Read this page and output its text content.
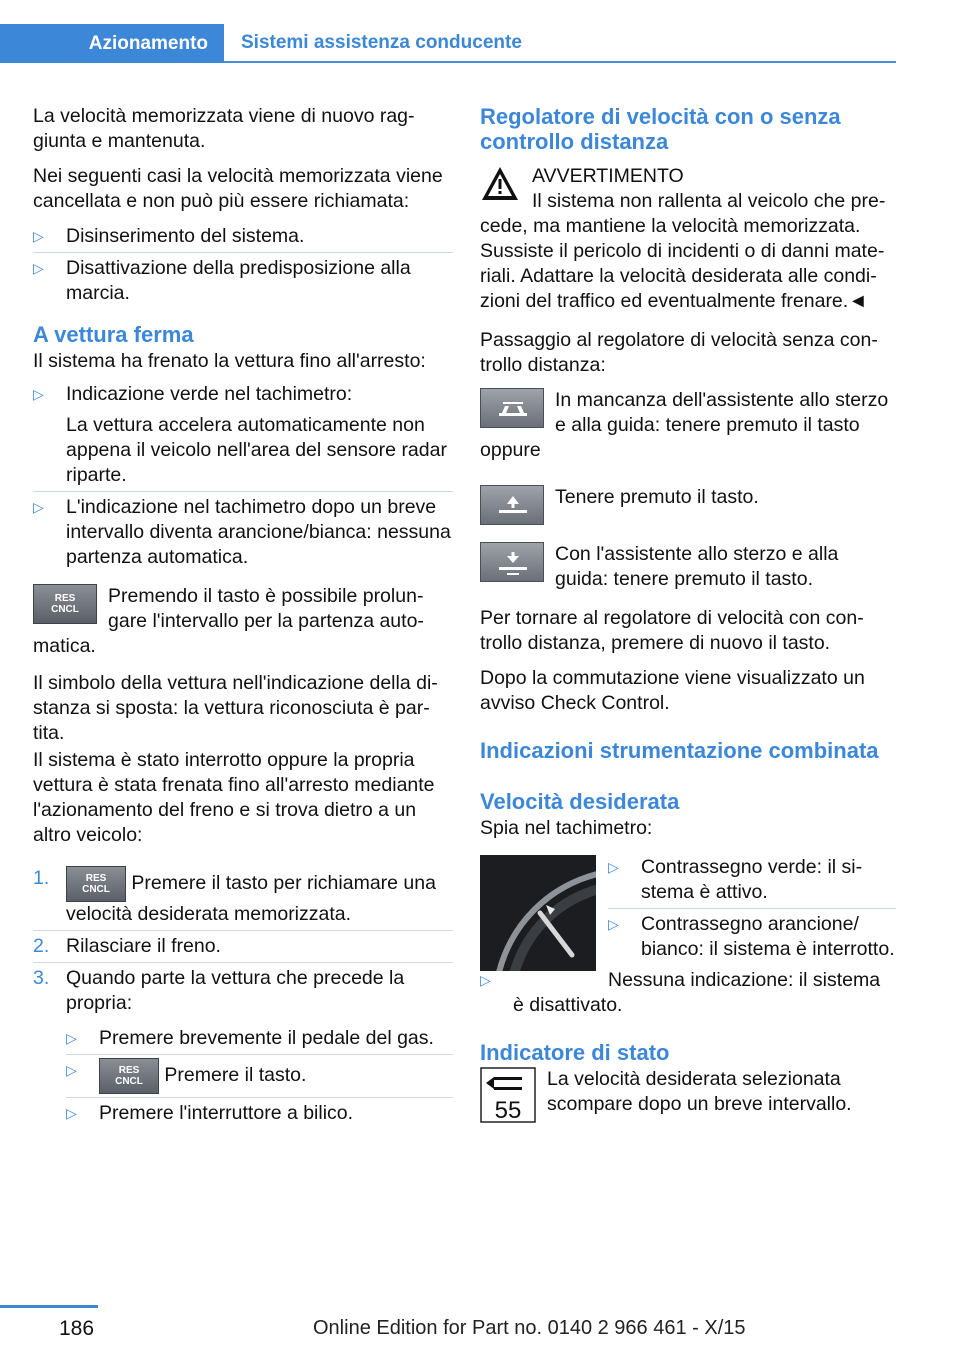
Azionamento	Sistemi assistenza conducente

La velocità memorizzata viene di nuovo raggiunta e mantenuta.

Nei seguenti casi la velocità memorizzata viene cancellata e non può più essere richiamata:

▷ Disinserimento del sistema.
▷ Disattivazione della predisposizione alla marcia.
A vettura ferma

Il sistema ha frenato la vettura fino all'arresto:

▷ Indicazione verde nel tachimetro:
La vettura accelera automaticamente non appena il veicolo nell'area del sensore radar riparte.
▷ L'indicazione nel tachimetro dopo un breve intervallo diventa arancione/bianca: nessuna partenza automatica.
RES
CNCL
Premendo il tasto è possibile prolungare l'intervallo per la partenza automatica.

Il simbolo della vettura nell'indicazione della distanza si sposta: la vettura riconosciuta è partita.

Il sistema è stato interrotto oppure la propria vettura è stata frenata fino all'arresto mediante l'azionamento del freno e si trova dietro a un altro veicolo:

1.	RES
CNCL Premere il tasto per richiamare una velocità desiderata memorizzata.
2. Rilasciare il freno.
3. Quando parte la vettura che precede la propria:
▷ Premere brevemente il pedale del gas.
▷ RES
CNCL Premere il tasto.
▷ Premere l'interruttore a bilico.
Regolatore di velocità con o senza controllo distanza
AVVERTIMENTO
Il sistema non rallenta al veicolo che precede, ma mantiene la velocità memorizzata. Sussiste il pericolo di incidenti o di danni materiali. Adattare la velocità desiderata alle condizioni del traffico ed eventualmente frenare.◄

Passaggio al regolatore di velocità senza controllo distanza:

In mancanza dell'assistente allo sterzo e alla guida: tenere premuto il tasto
oppure
Tenere premuto il tasto.
Con l'assistente allo sterzo e alla guida: tenere premuto il tasto.

Per tornare al regolatore di velocità con controllo distanza, premere di nuovo il tasto.

Dopo la commutazione viene visualizzato un avviso Check Control.

Indicazioni strumentazione combinata
Velocità desiderata

Spia nel tachimetro:

▷ Contrassegno verde: il sistema è attivo.
▷ Contrassegno arancione/ bianco: il sistema è interrotto.
▷ Nessuna indicazione: il sistema è disattivato.
Indicatore di stato
55
La velocità desiderata selezionata scompare dopo un breve intervallo.
186	Online Edition for Part no. 0140 2 966 461 - X/15
